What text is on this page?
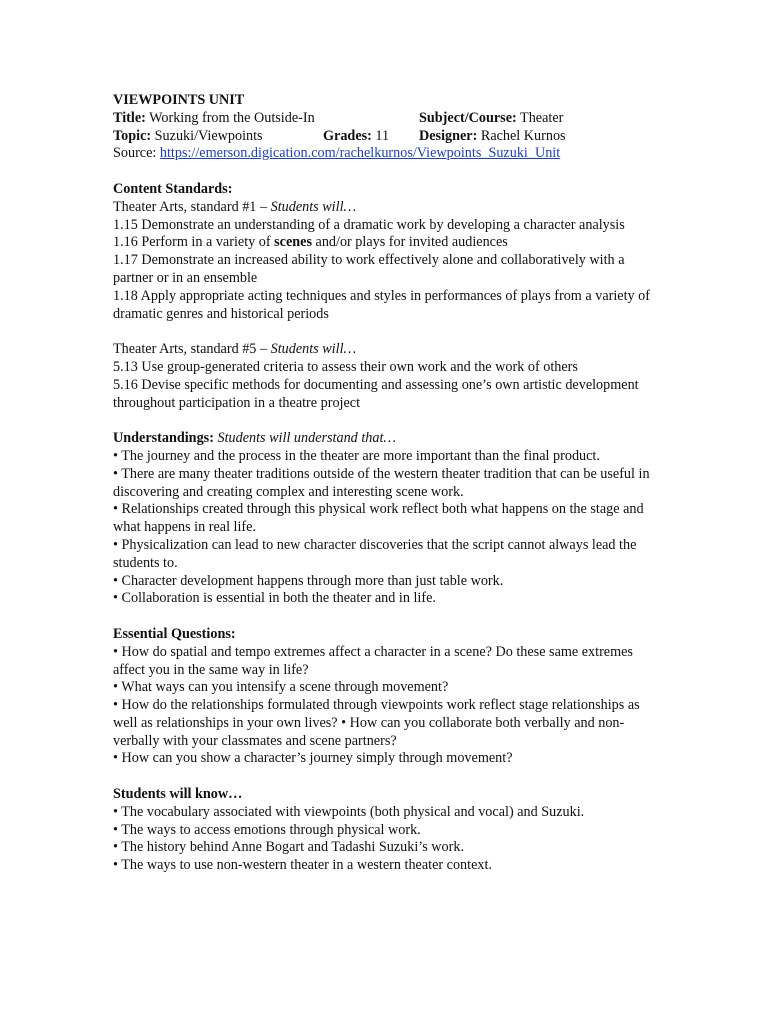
VIEWPOINTS UNIT
Title: Working from the Outside-In	Subject/Course: Theater
Topic: Suzuki/Viewpoints	Grades: 11 Designer: Rachel Kurnos
Source: https://emerson.digication.com/rachelkurnos/Viewpoints_Suzuki_Unit
Content Standards:
Theater Arts, standard #1 – Students will…
1.15 Demonstrate an understanding of a dramatic work by developing a character analysis
1.16 Perform in a variety of scenes and/or plays for invited audiences
1.17 Demonstrate an increased ability to work effectively alone and collaboratively with a partner or in an ensemble
1.18 Apply appropriate acting techniques and styles in performances of plays from a variety of dramatic genres and historical periods
Theater Arts, standard #5 – Students will…
5.13 Use group-generated criteria to assess their own work and the work of others
5.16 Devise specific methods for documenting and assessing one’s own artistic development throughout participation in a theatre project
Understandings: Students will understand that…
• The journey and the process in the theater are more important than the final product.
• There are many theater traditions outside of the western theater tradition that can be useful in discovering and creating complex and interesting scene work.
• Relationships created through this physical work reflect both what happens on the stage and what happens in real life.
• Physicalization can lead to new character discoveries that the script cannot always lead the students to.
• Character development happens through more than just table work.
• Collaboration is essential in both the theater and in life.
Essential Questions:
• How do spatial and tempo extremes affect a character in a scene? Do these same extremes affect you in the same way in life?
• What ways can you intensify a scene through movement?
• How do the relationships formulated through viewpoints work reflect stage relationships as well as relationships in your own lives? • How can you collaborate both verbally and non-verbally with your classmates and scene partners?
• How can you show a character’s journey simply through movement?
Students will know…
• The vocabulary associated with viewpoints (both physical and vocal) and Suzuki.
• The ways to access emotions through physical work.
• The history behind Anne Bogart and Tadashi Suzuki’s work.
• The ways to use non-western theater in a western theater context.
